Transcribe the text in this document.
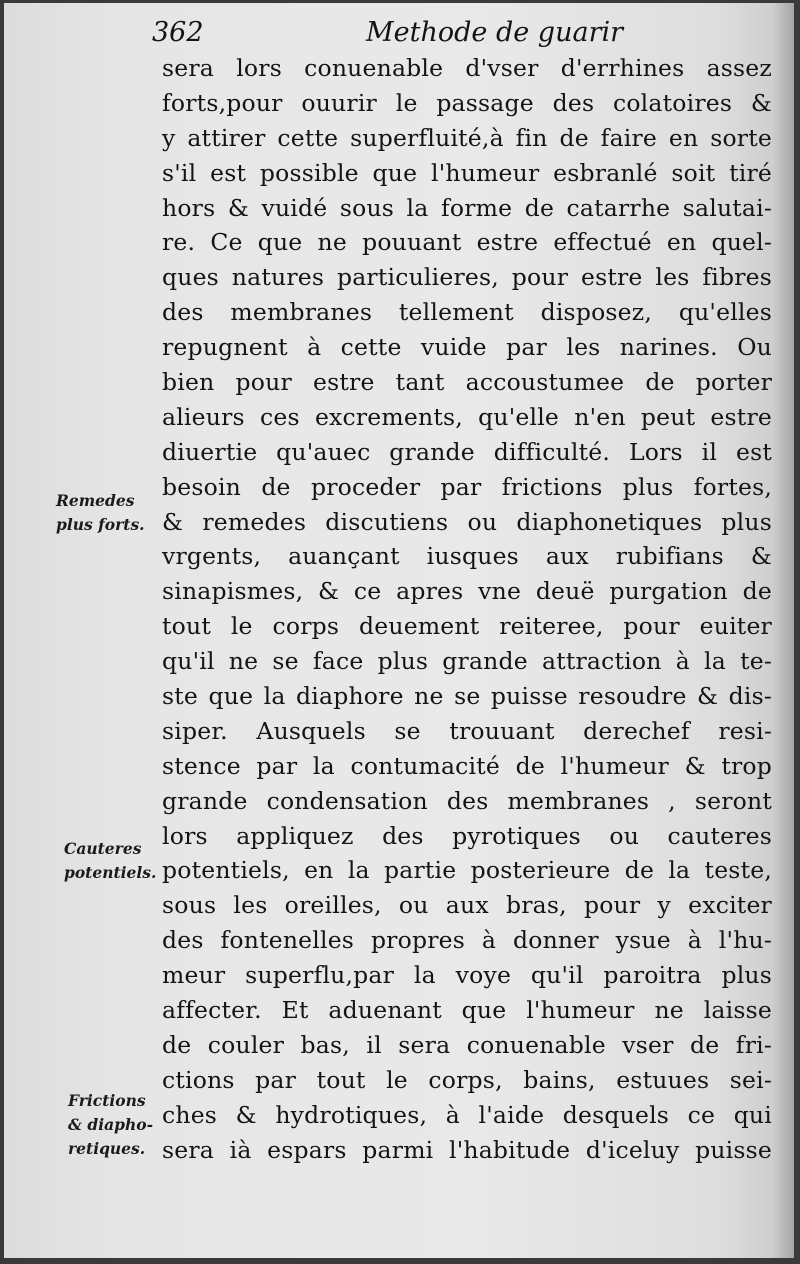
362	Methode de guarir
sera lors conuenable d'vser d'errhines assez
forts,pour ouurir le passage des colatoires &
y attirer cette superfluité,à fin de faire en sorte
s'il est possible que l'humeur esbranlé soit tiré
hors & vuidé sous la forme de catarrhe salutai-
re. Ce que ne pouuant estre effectué en quel-
ques natures particulieres, pour estre les fibres
des membranes tellement disposez, qu'elles
repugnent à cette vuide par les narines. Ou
bien pour estre tant accoustumee de porter
alieurs ces excrements, qu'elle n'en peut estre
diuertie qu'auec grande difficulté. Lors il est
besoin de proceder par frictions plus fortes,
& remedes discutiens ou diaphonetiques plus
vrgents, auançant iusques aux rubifians &
sinapismes, & ce apres vne deuë purgation de
tout le corps deuement reiteree, pour euiter
qu'il ne se face plus grande attraction à la te-
ste que la diaphore ne se puisse resoudre & dis-
siper. Ausquels se trouuant derechef resi-
stence par la contumacité de l'humeur & trop
grande condensation des membranes , seront
lors appliquez des pyrotiques ou cauteres
potentiels, en la partie posterieure de la teste,
sous les oreilles, ou aux bras, pour y exciter
des fontenelles propres à donner ysue à l'hu-
meur superflu,par la voye qu'il paroitra plus
affecter. Et aduenant que l'humeur ne laisse
de couler bas, il sera conuenable vser de fri-
ctions par tout le corps, bains, estuues sei-
ches & hydrotiques, à l'aide desquels ce qui
sera ià espars parmi l'habitude d'iceluy puisse
Remedes
plus forts.
Cauteres
potentiels.
Frictions
& diapho-
retiques.
